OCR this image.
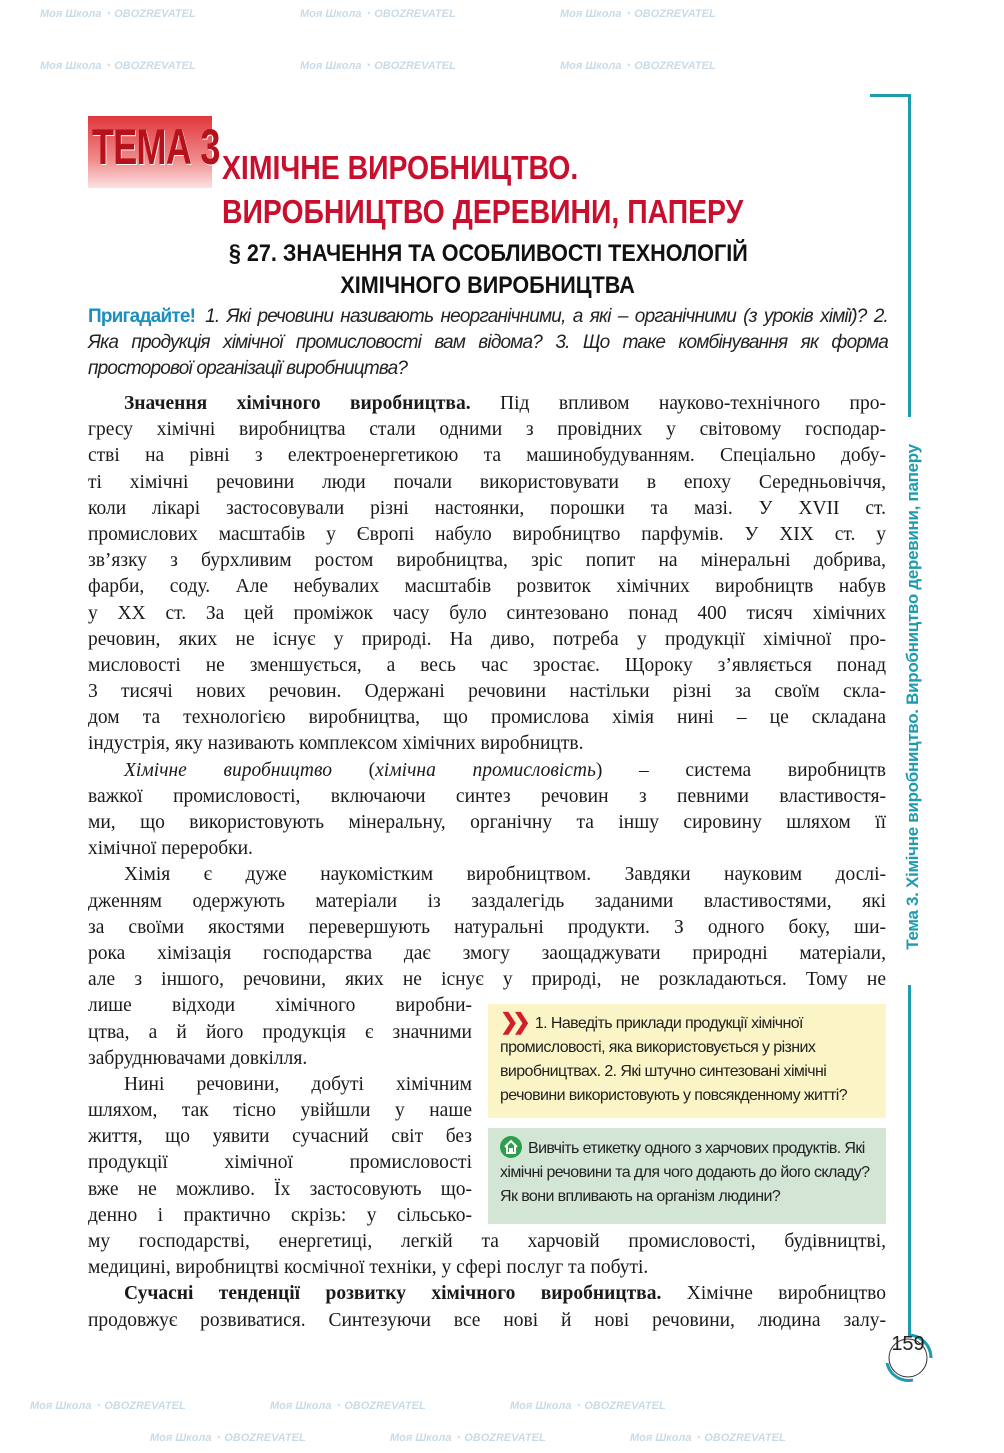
Моя Школа ◔ OBOZREVATEL	Моя Школа ◔ OBOZREVATEL	Моя Школа ◔ OBOZREVATEL
Моя Школа ◔ OBOZREVATEL	Моя Школа ◔ OBOZREVATEL	Моя Школа ◔ OBOZREVATEL
Моя Школа ◔ OBOZREVATEL	Моя Школа ◔ OBOZREVATEL	Моя Школа ◔ OBOZREVATEL
Моя Школа ◔ OBOZREVATEL	Моя Школа ◔ OBOZREVATEL	Моя Школа ◔ OBOZREVATEL
ТЕМА 3 ХІМІЧНЕ ВИРОБНИЦТВО.
ВИРОБНИЦТВО ДЕРЕВИНИ, ПАПЕРУ
§ 27. ЗНАЧЕННЯ ТА ОСОБЛИВОСТІ ТЕХНОЛОГІЙ
ХІМІЧНОГО ВИРОБНИЦТВА
Пригадайте! 1. Які речовини називають неорганічними, а які – органічними (з уроків хімії)? 2. Яка продукція хімічної промисловості вам відома? 3. Що таке комбінування як форма просторової організації виробництва?
Значення хімічного виробництва. Під впливом науково-технічного про-
гресу хімічні виробництва стали одними з провідних у світовому господар-
стві на рівні з електроенергетикою та машинобудуванням. Спеціально добу-
ті хімічні речовини люди почали використовувати в епоху Середньовіччя,
коли лікарі застосовували різні настоянки, порошки та мазі. У XVII ст.
промислових масштабів у Європі набуло виробництво парфумів. У XIX ст. у
зв’язку з бурхливим ростом виробництва, зріс попит на мінеральні добрива,
фарби, соду. Але небувалих масштабів розвиток хімічних виробництв набув
у XX ст. За цей проміжок часу було синтезовано понад 400 тисяч хімічних
речовин, яких не існує у природі. На диво, потреба у продукції хімічної про-
мисловості не зменшується, а весь час зростає. Щороку з’являється понад
3 тисячі нових речовин. Одержані речовини настільки різні за своїм скла-
дом та технологією виробництва, що промислова хімія нині – це складана
індустрія, яку називають комплексом хімічних виробництв.
Хімічне виробництво (хімічна промисловість) – система виробництв
важкої промисловості, включаючи синтез речовин з певними властивостя-
ми, що використовують мінеральну, органічну та іншу сировину шляхом її
хімічної переробки.
Хімія є дуже наукомістким виробництвом. Завдяки науковим дослі-
дженням одержують матеріали із заздалегідь заданими властивостями, які
за своїми якостями перевершують натуральні продукти. З одного боку, ши-
рока хімізація господарства дає змогу заощаджувати природні матеріали,
але з іншого, речовини, яких не існує у природі, не розкладаються. Тому не
лише відходи хімічного виробни-
цтва, а й його продукція є значними
забруднювачами довкілля.
Нині речовини, добуті хімічним
шляхом, так тісно увійшли у наше
життя, що уявити сучасний світ без
продукції хімічної промисловості
вже не можливо. Їх застосовують що-
денно і практично скрізь: у сільсько-
му господарстві, енергетиці, легкій та харчовій промисловості, будівництві,
медицині, виробництві космічної техніки, у сфері послуг та побуті.
Сучасні тенденції розвитку хімічного виробництва. Хімічне виробництво
продовжує розвиватися. Синтезуючи все нові й нові речовини, людина залу-
❯❯ 1. Наведіть приклади продукції хімічної промисловості, яка використовується у різних виробництвах. 2. Які штучно синтезовані хімічні речовини використовують у повсякденному житті?
Вивчіть етикетку одного з харчових продуктів. Які хімічні речовини та для чого додають до його складу? Як вони впливають на організм людини?
Тема 3. Хімічне виробництво. Виробництво деревини, паперу
159
